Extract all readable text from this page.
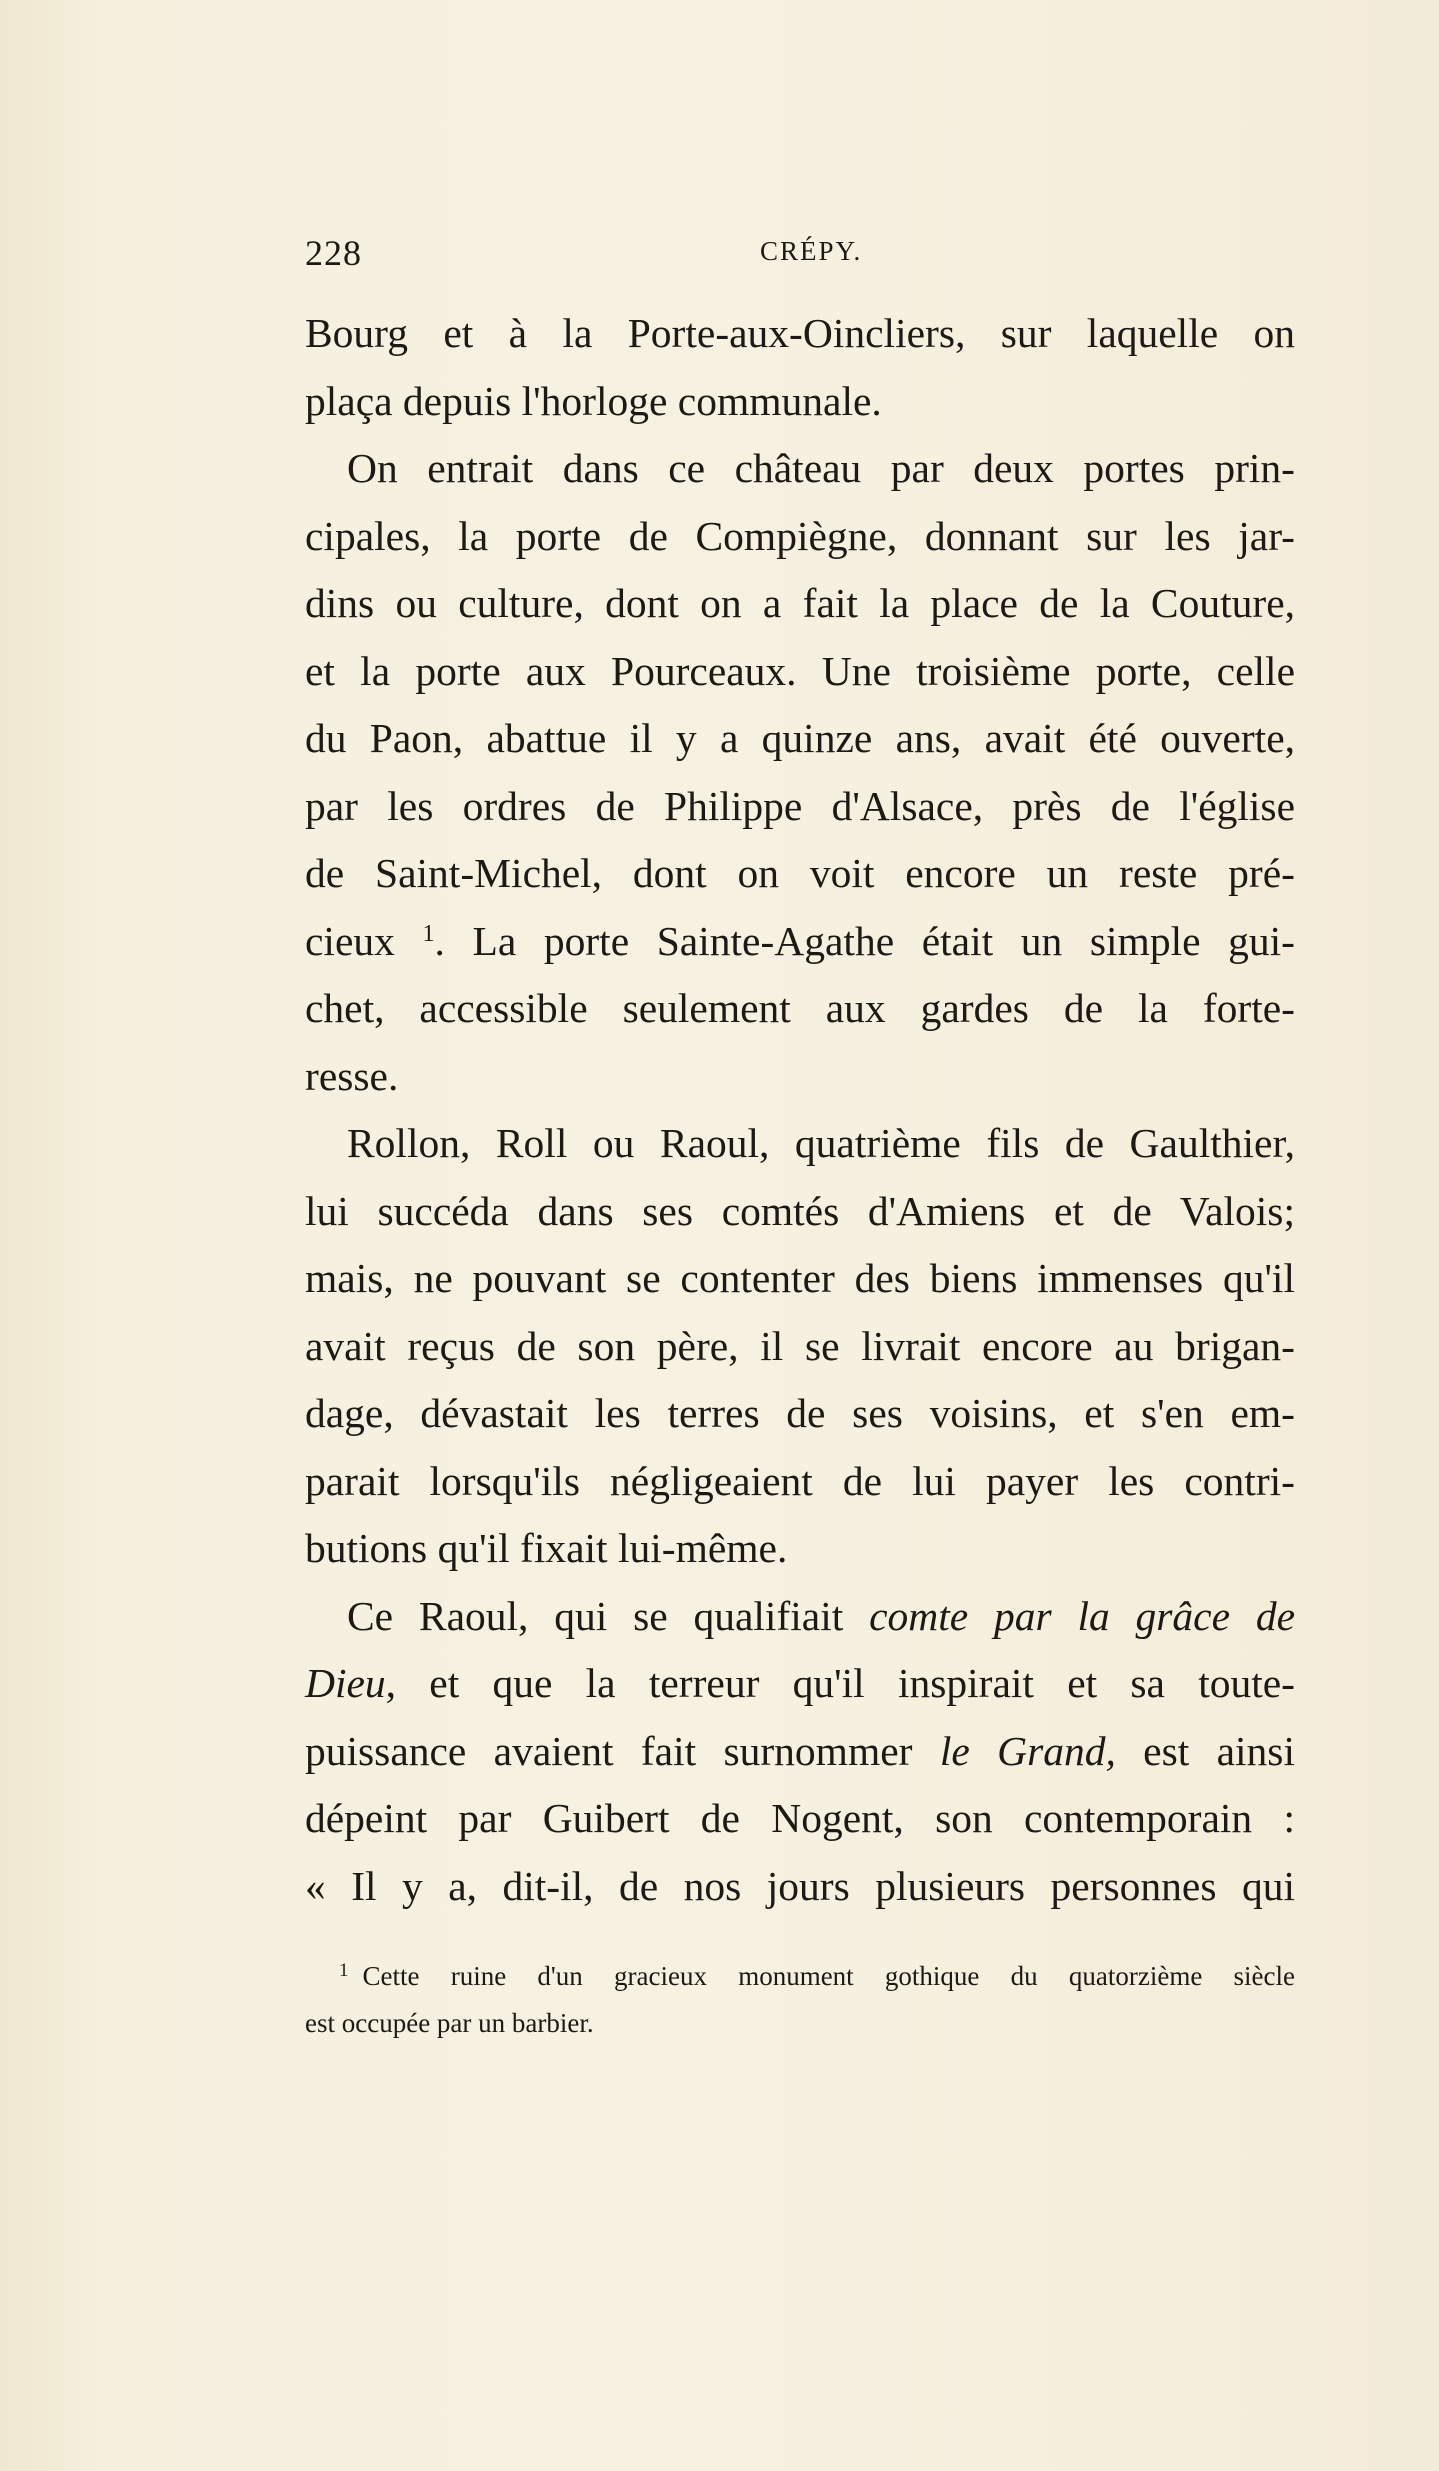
228	CRÉPY.
Bourg et à la Porte-aux-Oincliers, sur laquelle on
plaça depuis l'horloge communale.
On entrait dans ce château par deux portes prin-
cipales, la porte de Compiègne, donnant sur les jar-
dins ou culture, dont on a fait la place de la Couture,
et la porte aux Pourceaux. Une troisième porte, celle
du Paon, abattue il y a quinze ans, avait été ouverte,
par les ordres de Philippe d'Alsace, près de l'église
de Saint-Michel, dont on voit encore un reste pré-
cieux $^1$. La porte Sainte-Agathe était un simple gui-
chet, accessible seulement aux gardes de la forte-
resse.
Rollon, Roll ou Raoul, quatrième fils de Gaulthier,
lui succéda dans ses comtés d'Amiens et de Valois;
mais, ne pouvant se contenter des biens immenses qu'il
avait reçus de son père, il se livrait encore au brigan-
dage, dévastait les terres de ses voisins, et s'en em-
parait lorsqu'ils négligeaient de lui payer les contri-
butions qu'il fixait lui-même.
Ce Raoul, qui se qualifiait comte par la grâce de
Dieu, et que la terreur qu'il inspirait et sa toute-
puissance avaient fait surnommer le Grand, est ainsi
dépeint par Guibert de Nogent, son contemporain :
« Il y a, dit-il, de nos jours plusieurs personnes qui
$^1$ Cette ruine d'un gracieux monument gothique du quatorzième siècle
est occupée par un barbier.
